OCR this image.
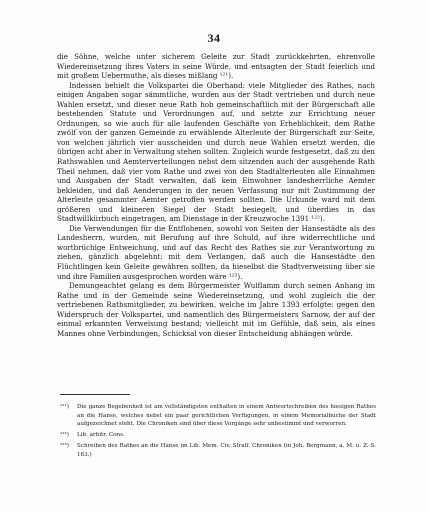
34

die Söhne, welche unter sicherem Geleite zur Stadt zurückkehrten, ehrenvolle Wiedereinsetzung ihres Vaters in seine Würde, und entsagten der Stadt feierlich und mit großem Uebermuthe, als dieses mißlang ¹²¹).

Indessen behielt die Volkspartei die Oberhand: viele Mitglieder des Rathes, nach einigen Angaben sogar sämmtliche, wurden aus der Stadt vertrieben und durch neue Wahlen ersetzt, und dieser neue Rath hob gemeinschaftlich mit der Bürgerschaft alle bestehenden Statute und Verordnungen auf, und setzte zur Errichtung neuer Ordnungen, so wie auch für alle laufenden Geschäfte von Erheblichkeit, dem Rathe zwölf von der ganzen Gemeinde zu erwählende Alterleute der Bürgerschaft zur Seite, von welchen jährlich vier ausscheiden und durch neue Wahlen ersetzt werden, die übrigen acht aber in Verwaltung stehen sollten. Zugleich wurde festgesetzt, daß zu den Rathswahlen und Aemterverteilungen nebst dem sitzenden auch der ausgehende Rath Theil nehmen, daß vier vom Rathe und zwei von den Stadtalterleuten alle Einnahmen und Ausgaben der Stadt verwalten, daß kein Einwohner landesherrliche Aemter bekleiden, und daß Aenderungen in der neuen Verfassung nur mit Zustimmung der Alterleute gesammter Aemter getroffen werden sollten. Die Urkunde ward mit dem größeren und kleineren Siegel der Stadt besiegelt, und überdies in das Stadtwillkürbuch eingetragen, am Dienstage in der Kreuzwoche 1391 ¹²²).

Die Verwendungen für die Entflohenen, sowohl von Seiten der Hansestädte als des Landesherrn, wurden, mit Berufung auf ihre Schuld, auf ihre widerrechtliche und wortbrüchige Entweichung, und auf das Recht des Rathes sie zur Verantwortung zu ziehen, gänzlich abgelehnt: mit dem Verlangen, daß auch die Hansestädte den Flüchtlingen kein Geleite gewähren sollten, da hieselbst die Stadtverweisung über sie und ihre Familien ausgesprochen worden wäre ¹²³).

Demungeachtet gelang es dem Bürgermeister Wulflamm durch seinen Anhang im Rathe und in der Gemeinde seine Wiedereinsetzung, und wohl zugleich die der vertriebenen Rathsmitglieder, zu bewirken, welche im Jahre 1393 erfolgte: gegen den Widerspruch der Volkspartei, und namentlich des Bürgermeisters Sarnow, der auf der einmal erkannten Verweisung bestand; vielleicht mit im Gefühle, daß sein, als eines Mannes ohne Verbindungen, Schicksal von dieser Entscheidung abhängen würde.

¹²¹)	Die ganze Begebenheit ist am vollständigsten enthalten in einem Antwortschreiben des hiesigen Rathes an die Hanse, welches nebst ein paar gerichtlichen Verfügungen, in einem Memorialbuche der Stadt aufgezeichnet steht. Die Chroniken sind über diese Vorgänge sehr unbestimmt und verworren.
¹²²)	Lib. arbitr. Cons.
¹²³)	Schreiben des Rathes an die Hanse im Lib. Mem. Civ. Stralf. Chroniken (in Joh. Bergmann, a. M. u. Z. S. 163.)
